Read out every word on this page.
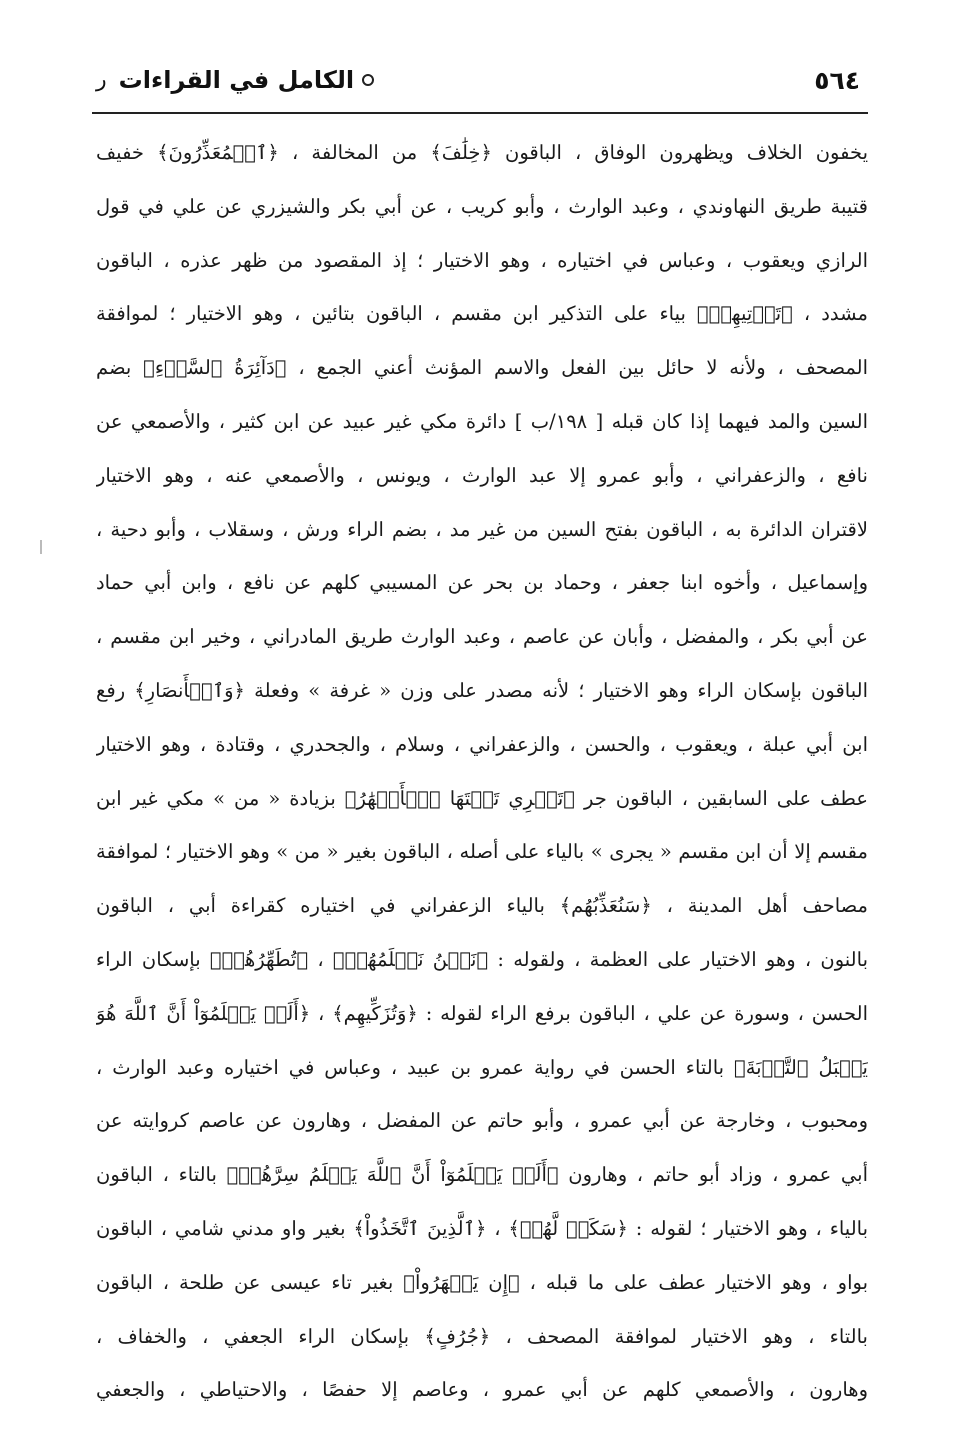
٥٦٤
الكامل في القراءات
ر
يخفون الخلاف ويظهرون الوفاق ، الباقون ﴿خِلَٰفَ﴾ من المخالفة ، ﴿ٱلۡمُعَذِّرُونَ﴾ خفيف
قتيبة طريق النهاوندي ، وعبد الوارث ، وأبو كريب ، عن أبي بكر والشيزري عن علي في قول
الرازي ويعقوب ، وعباس في اختياره ، وهو الاختيار ؛ إذ المقصود من ظهر عذره ، الباقون
مشدد ، ﴿تَأۡتِيهِمۡ﴾ بياء على التذكير ابن مقسم ، الباقون بتائين ، وهو الاختيار ؛ لموافقة
المصحف ، ولأنه لا حائل بين الفعل والاسم المؤنث أعني الجمع ، ﴿دَآئِرَةُ ٱلسَّوۡءِ﴾ بضم
السين والمد فيهما إذا كان قبله [ ١٩٨/ب ] دائرة مكي غير عبيد عن ابن كثير ، والأصمعي عن
نافع ، والزعفراني ، وأبو عمرو إلا عبد الوارث ، ويونس ، والأصمعي عنه ، وهو الاختيار
لاقتران الدائرة به ، الباقون بفتح السين من غير مد ، بضم الراء ورش ، وسقلاب ، وأبو دحية ،
وإسماعيل ، وأخوه ابنا جعفر ، وحماد بن بحر عن المسيبي كلهم عن نافع ، وابن أبي حماد
عن أبي بكر ، والمفضل ، وأبان عن عاصم ، وعبد الوارث طريق المادراني ، وخير ابن مقسم ،
الباقون بإسكان الراء وهو الاختيار ؛ لأنه مصدر على وزن « غرفة » وفعلة ﴿وَٱلۡأَنصَارِ﴾ رفع
ابن أبي عبلة ، ويعقوب ، والحسن ، والزعفراني ، وسلام ، والجحدري ، وقتادة ، وهو الاختيار
عطف على السابقين ، الباقون جر ﴿تَجۡرِي تَحۡتَهَا ٱلۡأَنۡهَٰرُ﴾ بزيادة « من » مكي غير ابن
مقسم إلا أن ابن مقسم « يجرى » بالياء على أصله ، الباقون بغير « من » وهو الاختيار ؛ لموافقة
مصاحف أهل المدينة ، ﴿سَنُعَذِّبُهُم﴾ بالياء الزعفراني في اختياره كقراءة أبي ، الباقون
بالنون ، وهو الاختيار على العظمة ، ولقوله : ﴿نَحۡنُ نَعۡلَمُهُمۡ﴾ ، ﴿تُطَهِّرُهُمۡ﴾ بإسكان الراء
الحسن ، وسورة عن علي ، الباقون برفع الراء لقوله : ﴿وَتُزَكِّيهِم﴾ ، ﴿أَلَمۡ يَعۡلَمُوٓاْ أَنَّ ٱللَّهَ هُوَ
يَقۡبَلُ ٱلتَّوۡبَةَ﴾ بالتاء الحسن في رواية عمرو بن عبيد ، وعباس في اختياره وعبد الوارث ،
ومحبوب ، وخارجة عن أبي عمرو ، وأبو حاتم عن المفضل ، وهارون عن عاصم كروايته عن
أبي عمرو ، وزاد أبو حاتم ، وهارون ﴿أَلَمۡ يَعۡلَمُوٓاْ أَنَّ ٱللَّهَ يَعۡلَمُ سِرَّهُمۡ﴾ بالتاء ، الباقون
بالياء ، وهو الاختيار ؛ لقوله : ﴿سَكَنٞ لَّهُمۡ﴾ ، ﴿ٱلَّذِينَ ٱتَّخَذُواْ﴾ بغير واو مدني شامي ، الباقون
بواو ، وهو الاختيار عطف على ما قبله ، ﴿إِن يَظۡهَرُواْ﴾ بغير تاء عيسى عن طلحة ، الباقون
بالتاء ، وهو الاختيار لموافقة المصحف ، ﴿جُرُفٍ﴾ بإسكان الراء الجعفي ، والخفاف ،
وهارون ، والأصمعي كلهم عن أبي عمرو ، وعاصم إلا حفصًا ، والاحتياطي ، والجعفي
